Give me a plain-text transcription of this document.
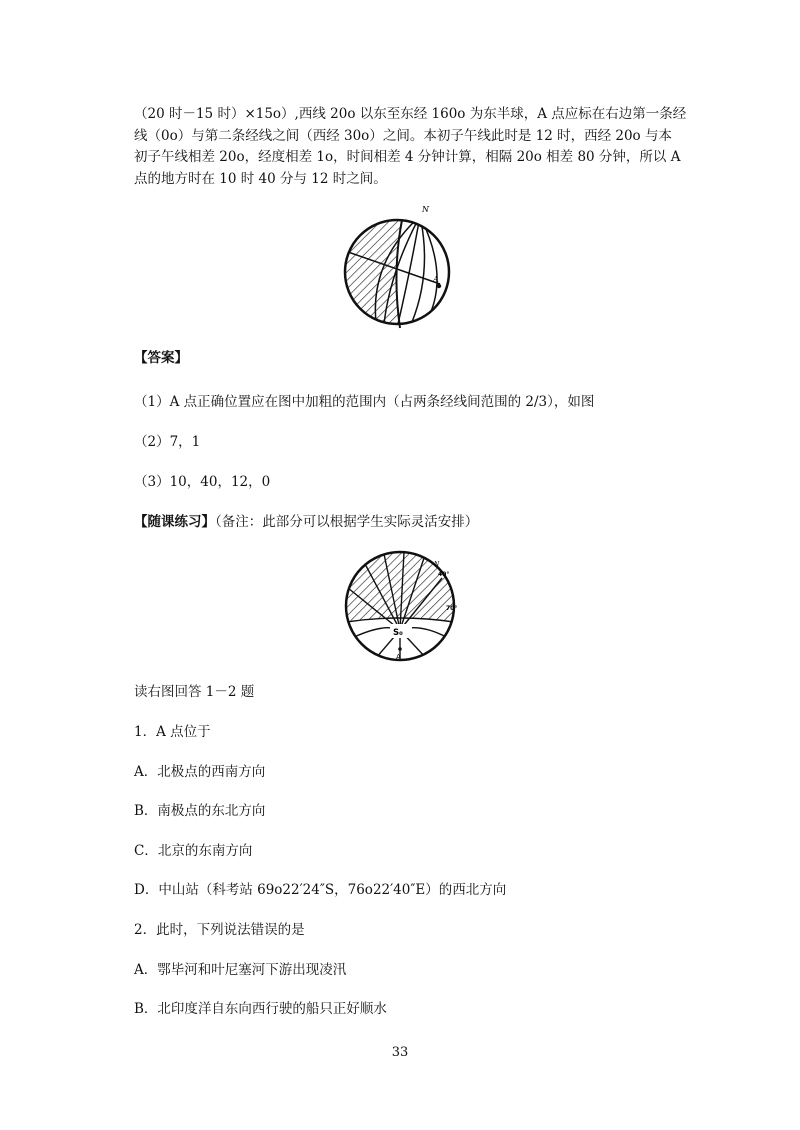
（20 时－15 时）×15o）,西线 20o 以东至东经 160o 为东半球，A 点应标在右边第一条经
线（0o）与第二条经线之间（西经 30o）之间。本初子午线此时是 12 时，西经 20o 与本
初子午线相差 20o，经度相差 1o，时间相差 4 分钟计算，相隔 20o 相差 80 分钟，所以 A
点的地方时在 10 时 40 分与 12 时之间。
N
A
【答案】
（1）A 点正确位置应在图中加粗的范围内（占两条经线间范围的 2/3），如图
（2）7，1
（3）10，40，12，0
【随课练习】（备注：此部分可以根据学生实际灵活安排）
S₀
A
N
40°
70°
读右图回答 1－2 题
1．A 点位于
A．北极点的西南方向
B．南极点的东北方向
C．北京的东南方向
D．中山站（科考站 69o22′24″S，76o22′40″E）的西北方向
2．此时，下列说法错误的是
A．鄂毕河和叶尼塞河下游出现凌汛
B．北印度洋自东向西行驶的船只正好顺水
33
